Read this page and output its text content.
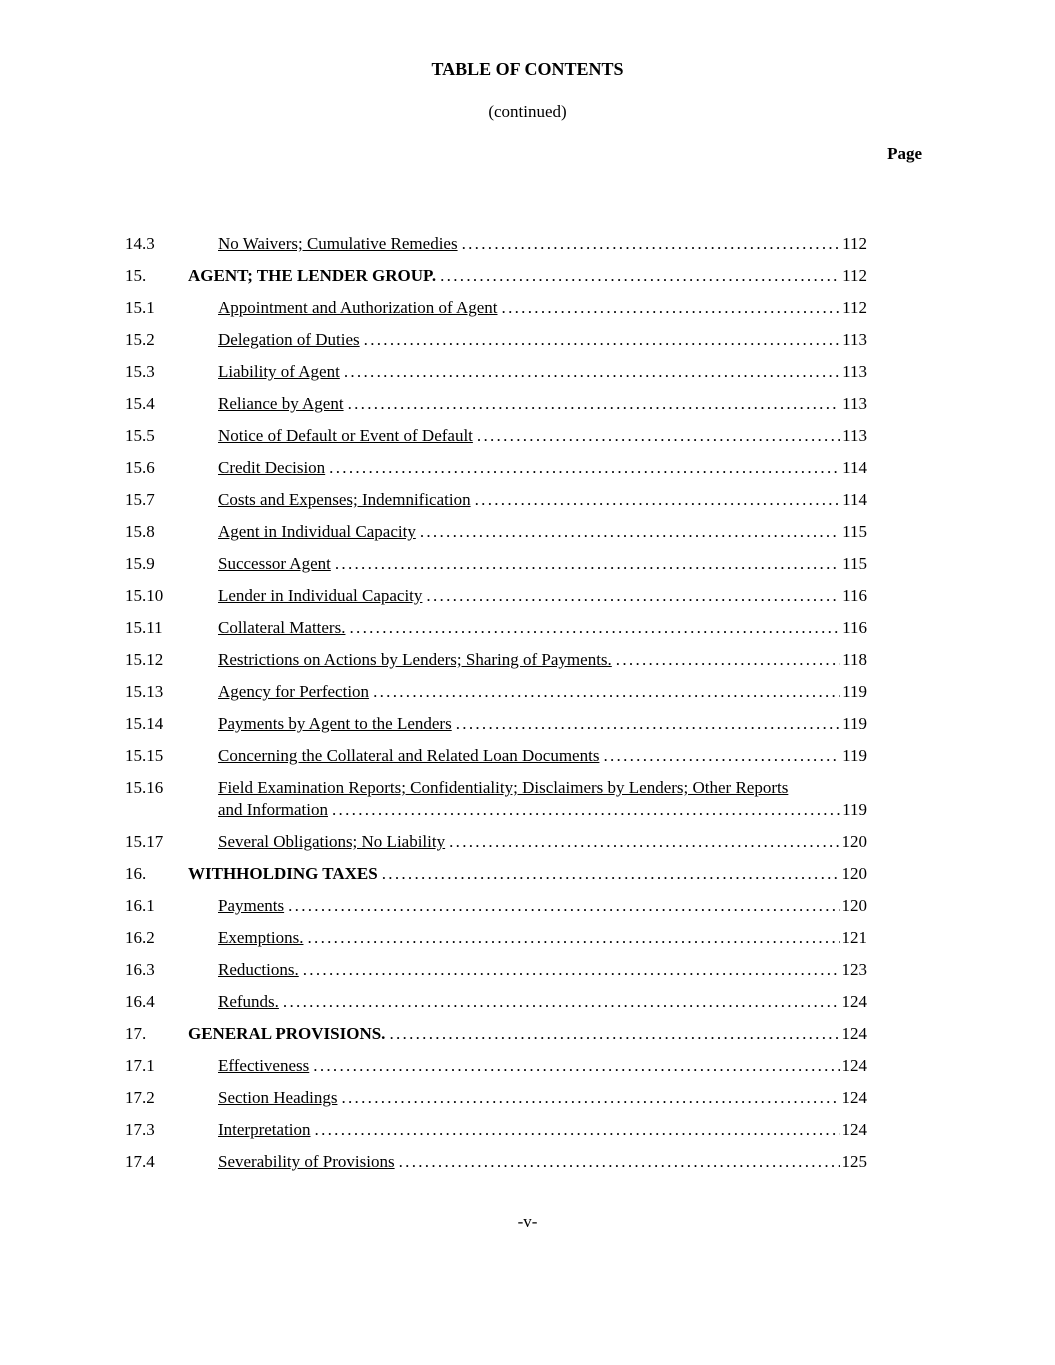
TABLE OF CONTENTS
(continued)
Page
14.3	No Waivers; Cumulative Remedies .....	112
15.	AGENT; THE LENDER GROUP. .....	112
15.1	Appointment and Authorization of Agent .....	112
15.2	Delegation of Duties .....	113
15.3	Liability of Agent .....	113
15.4	Reliance by Agent .....	113
15.5	Notice of Default or Event of Default .....	113
15.6	Credit Decision .....	114
15.7	Costs and Expenses; Indemnification .....	114
15.8	Agent in Individual Capacity .....	115
15.9	Successor Agent .....	115
15.10	Lender in Individual Capacity .....	116
15.11	Collateral Matters. .....	116
15.12	Restrictions on Actions by Lenders; Sharing of Payments. .....	118
15.13	Agency for Perfection .....	119
15.14	Payments by Agent to the Lenders .....	119
15.15	Concerning the Collateral and Related Loan Documents .....	119
15.16	Field Examination Reports; Confidentiality; Disclaimers by Lenders; Other Reports
and Information .....	119
15.17	Several Obligations; No Liability .....	120
16.	WITHHOLDING TAXES .....	120
16.1	Payments .....	120
16.2	Exemptions. .....	121
16.3	Reductions. .....	123
16.4	Refunds. .....	124
17.	GENERAL PROVISIONS. .....	124
17.1	Effectiveness .....	124
17.2	Section Headings .....	124
17.3	Interpretation .....	124
17.4	Severability of Provisions .....	125
-v-
